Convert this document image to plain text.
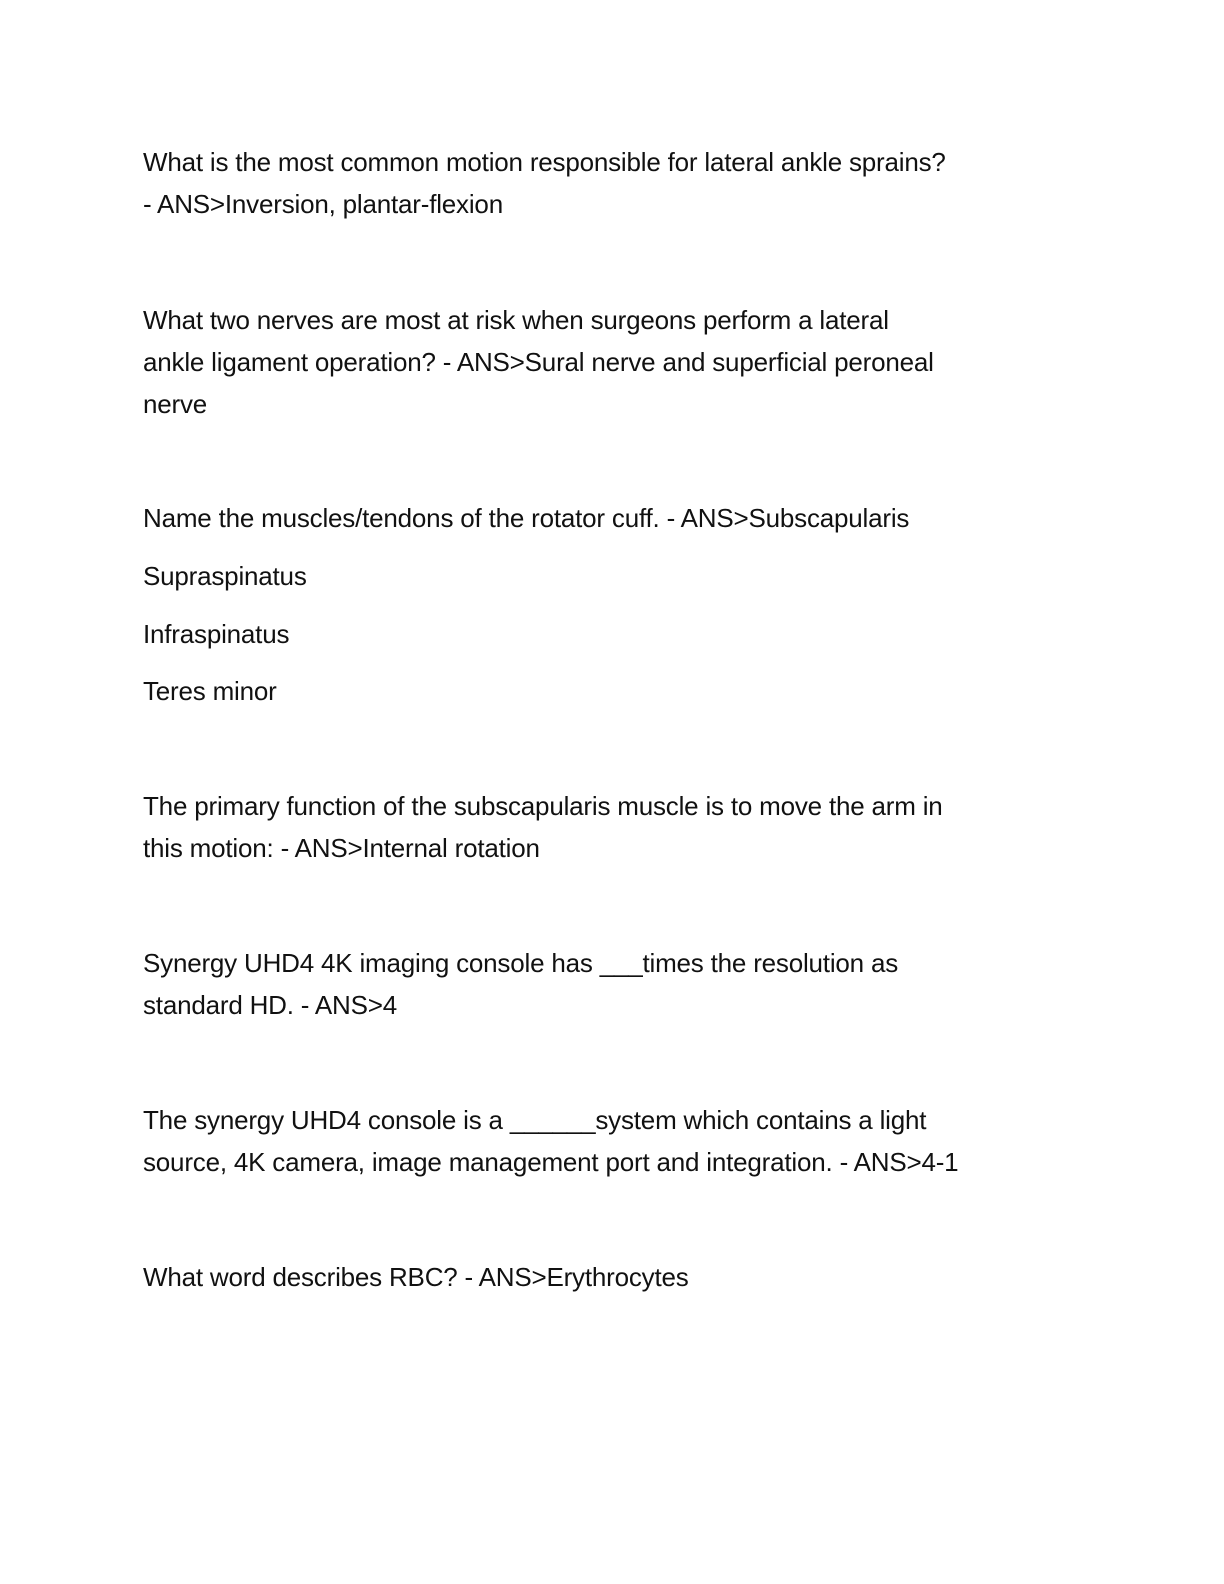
What is the most common motion responsible for lateral ankle sprains?

- ANS>Inversion, plantar-flexion

What two nerves are most at risk when surgeons perform a lateral

ankle ligament operation? - ANS>Sural nerve and superficial peroneal

nerve

Name the muscles/tendons of the rotator cuff. - ANS>Subscapularis

Supraspinatus

Infraspinatus

Teres minor

The primary function of the subscapularis muscle is to move the arm in

this motion: - ANS>Internal rotation

Synergy UHD4 4K imaging console has ___times the resolution as

standard HD. - ANS>4

The synergy UHD4 console is a ______system which contains a light

source, 4K camera, image management port and integration. - ANS>4-1

What word describes RBC? - ANS>Erythrocytes
